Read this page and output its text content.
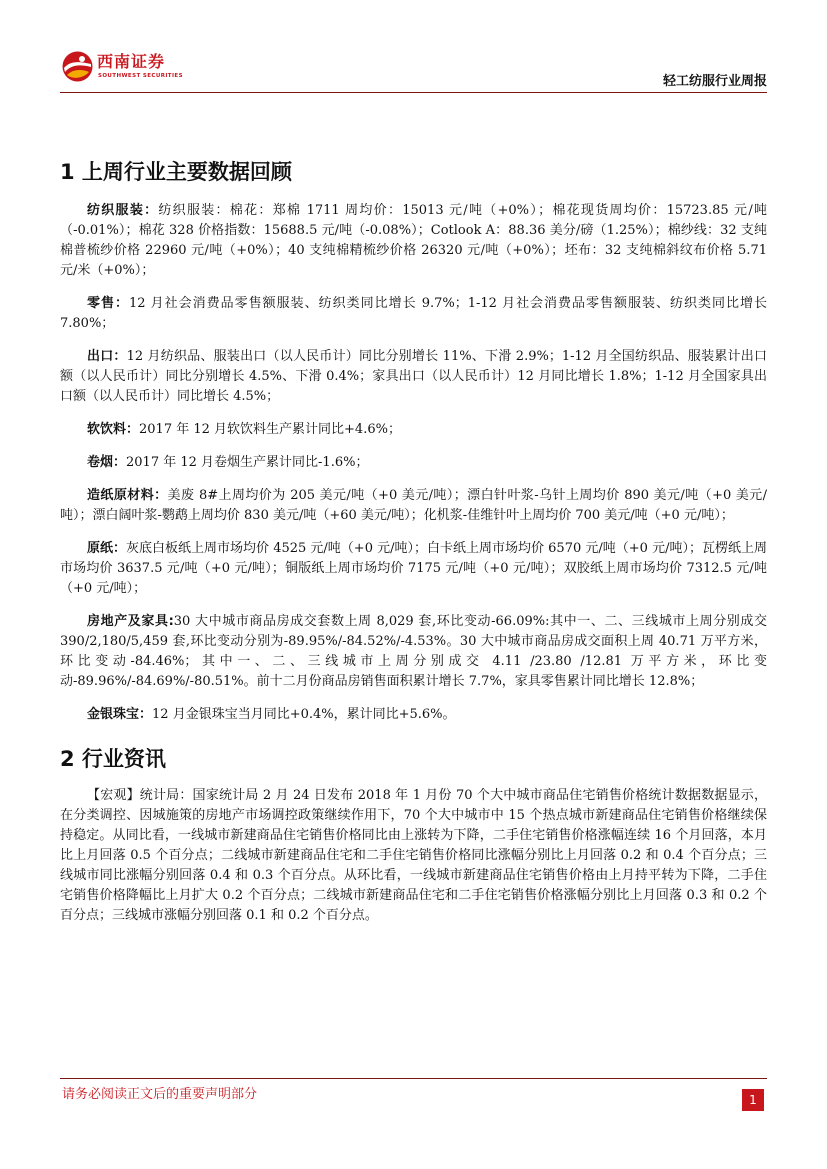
西南证券
SOUTHWEST SECURITIES	轻工纺服行业周报
1 上周行业主要数据回顾

纺织服装：纺织服装：棉花：郑棉 1711 周均价：15013 元/吨（+0%）；棉花现货周均价：15723.85 元/吨（-0.01%）；棉花 328 价格指数：15688.5 元/吨（-0.08%）；Cotlook A：88.36 美分/磅（1.25%）；棉纱线：32 支纯棉普梳纱价格 22960 元/吨（+0%）；40 支纯棉精梳纱价格 26320 元/吨（+0%）；坯布：32 支纯棉斜纹布价格 5.71 元/米（+0%）；

零售：12 月社会消费品零售额服装、纺织类同比增长 9.7%；1-12 月社会消费品零售额服装、纺织类同比增长 7.80%；

出口：12 月纺织品、服装出口（以人民币计）同比分别增长 11%、下滑 2.9%；1-12 月全国纺织品、服装累计出口额（以人民币计）同比分别增长 4.5%、下滑 0.4%；家具出口（以人民币计）12 月同比增长 1.8%；1-12 月全国家具出口额（以人民币计）同比增长 4.5%；

软饮料：2017 年 12 月软饮料生产累计同比+4.6%；

卷烟：2017 年 12 月卷烟生产累计同比-1.6%；

造纸原材料：美废 8#上周均价为 205 美元/吨（+0 美元/吨）；漂白针叶浆-乌针上周均价 890 美元/吨（+0 美元/吨）；漂白阔叶浆-鹦鹉上周均价 830 美元/吨（+60 美元/吨）；化机浆-佳维针叶上周均价 700 美元/吨（+0 元/吨）；

原纸：灰底白板纸上周市场均价 4525 元/吨（+0 元/吨）；白卡纸上周市场均价 6570 元/吨（+0 元/吨）；瓦楞纸上周市场均价 3637.5 元/吨（+0 元/吨）；铜版纸上周市场均价 7175 元/吨（+0 元/吨）；双胶纸上周市场均价 7312.5 元/吨（+0 元/吨）；

房地产及家具:30 大中城市商品房成交套数上周 8,029 套,环比变动-66.09%:其中一、二、三线城市上周分别成交 390/2,180/5,459 套,环比变动分别为-89.95%/-84.52%/-4.53%。30 大中城市商品房成交面积上周 40.71 万平方米，环比变动-84.46%；其中一、二、三线城市上周分别成交 4.11 /23.80 /12.81 万平方米，环比变动-89.96%/-84.69%/-80.51%。前十二月份商品房销售面积累计增长 7.7%，家具零售累计同比增长 12.8%；

金银珠宝：12 月金银珠宝当月同比+0.4%，累计同比+5.6%。

2 行业资讯

【宏观】统计局：国家统计局 2 月 24 日发布 2018 年 1 月份 70 个大中城市商品住宅销售价格统计数据数据显示，在分类调控、因城施策的房地产市场调控政策继续作用下，70 个大中城市中 15 个热点城市新建商品住宅销售价格继续保持稳定。从同比看，一线城市新建商品住宅销售价格同比由上涨转为下降，二手住宅销售价格涨幅连续 16 个月回落，本月比上月回落 0.5 个百分点；二线城市新建商品住宅和二手住宅销售价格同比涨幅分别比上月回落 0.2 和 0.4 个百分点；三线城市同比涨幅分别回落 0.4 和 0.3 个百分点。从环比看，一线城市新建商品住宅销售价格由上月持平转为下降，二手住宅销售价格降幅比上月扩大 0.2 个百分点；二线城市新建商品住宅和二手住宅销售价格涨幅分别比上月回落 0.3 和 0.2 个百分点；三线城市涨幅分别回落 0.1 和 0.2 个百分点。

请务必阅读正文后的重要声明部分	1
